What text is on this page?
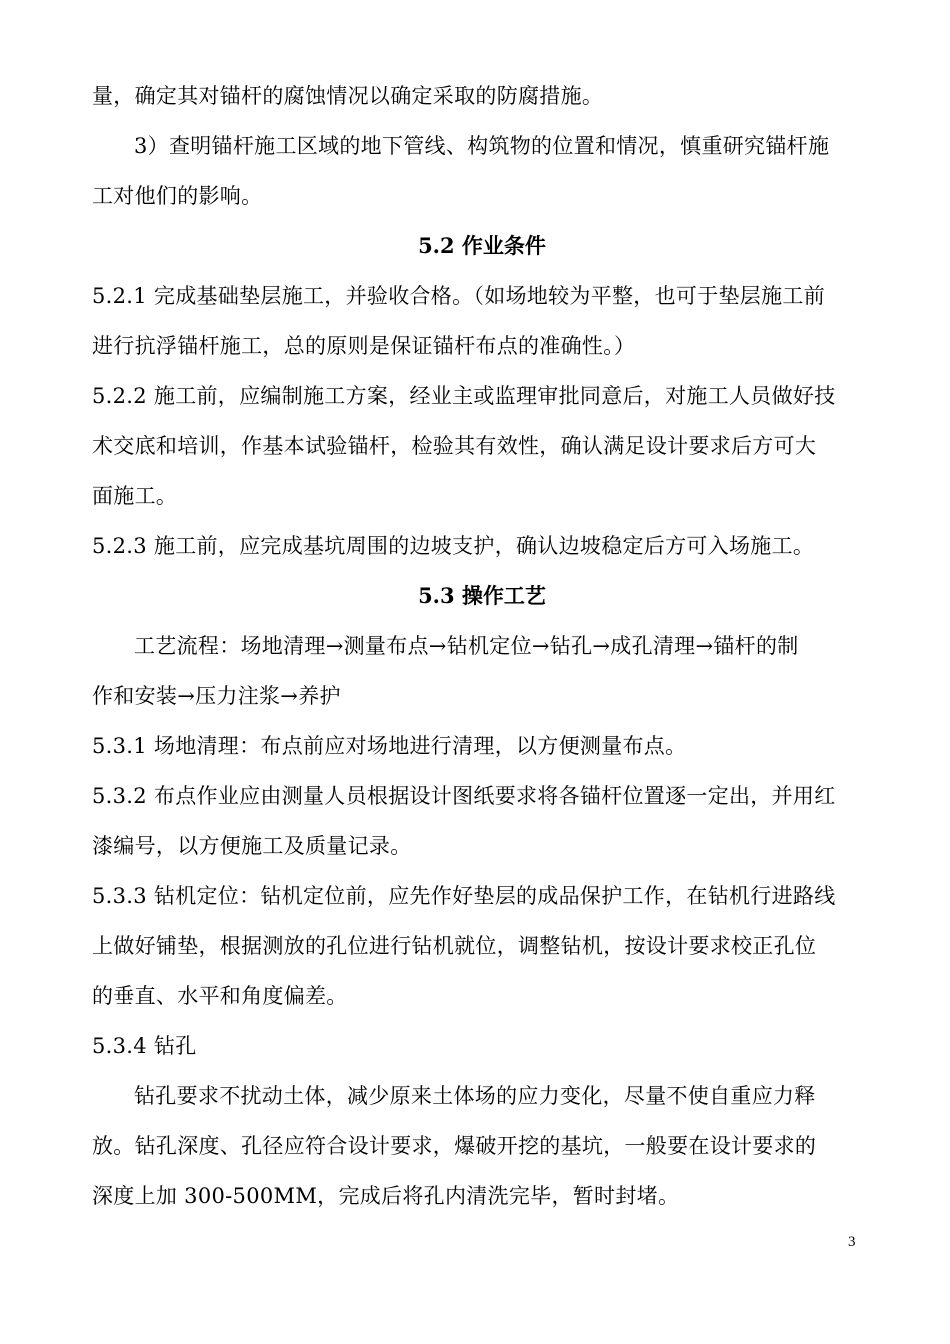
量，确定其对锚杆的腐蚀情况以确定采取的防腐措施。
3）查明锚杆施工区域的地下管线、构筑物的位置和情况，慎重研究锚杆施
工对他们的影响。
5.2 作业条件
5.2.1 完成基础垫层施工，并验收合格。（如场地较为平整，也可于垫层施工前
进行抗浮锚杆施工，总的原则是保证锚杆布点的准确性。）
5.2.2 施工前，应编制施工方案，经业主或监理审批同意后，对施工人员做好技
术交底和培训，作基本试验锚杆，检验其有效性，确认满足设计要求后方可大
面施工。
5.2.3 施工前，应完成基坑周围的边坡支护，确认边坡稳定后方可入场施工。
5.3 操作工艺
工艺流程：场地清理→测量布点→钻机定位→钻孔→成孔清理→锚杆的制
作和安装→压力注浆→养护
5.3.1 场地清理：布点前应对场地进行清理，以方便测量布点。
5.3.2 布点作业应由测量人员根据设计图纸要求将各锚杆位置逐一定出，并用红
漆编号，以方便施工及质量记录。
5.3.3 钻机定位：钻机定位前，应先作好垫层的成品保护工作，在钻机行进路线
上做好铺垫，根据测放的孔位进行钻机就位，调整钻机，按设计要求校正孔位
的垂直、水平和角度偏差。
5.3.4 钻孔
钻孔要求不扰动土体，减少原来土体场的应力变化，尽量不使自重应力释
放。钻孔深度、孔径应符合设计要求，爆破开挖的基坑，一般要在设计要求的
深度上加 300-500MM，完成后将孔内清洗完毕，暂时封堵。
3
